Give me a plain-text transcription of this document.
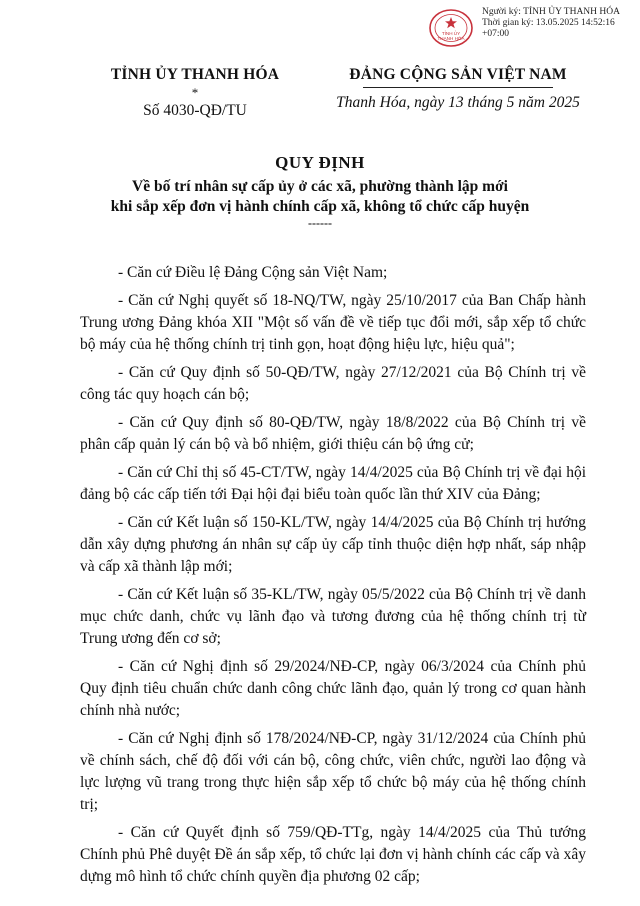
TỈNH ỦY
THANH HÓA
Người ký: TỈNH ỦY THANH HÓA
Thời gian ký: 13.05.2025 14:52:16 +07:00
TỈNH ỦY THANH HÓA
*
Số 4030-QĐ/TU
ĐẢNG CỘNG SẢN VIỆT NAM
Thanh Hóa, ngày 13 tháng 5 năm 2025
QUY ĐỊNH
Về bố trí nhân sự cấp ủy ở các xã, phường thành lập mới
khi sắp xếp đơn vị hành chính cấp xã, không tổ chức cấp huyện
------

- Căn cứ Điều lệ Đảng Cộng sản Việt Nam;

- Căn cứ Nghị quyết số 18-NQ/TW, ngày 25/10/2017 của Ban Chấp hành Trung ương Đảng khóa XII "Một số vấn đề về tiếp tục đổi mới, sắp xếp tổ chức bộ máy của hệ thống chính trị tinh gọn, hoạt động hiệu lực, hiệu quả";

- Căn cứ Quy định số 50-QĐ/TW, ngày 27/12/2021 của Bộ Chính trị về công tác quy hoạch cán bộ;

- Căn cứ Quy định số 80-QĐ/TW, ngày 18/8/2022 của Bộ Chính trị về phân cấp quản lý cán bộ và bổ nhiệm, giới thiệu cán bộ ứng cử;

- Căn cứ Chỉ thị số 45-CT/TW, ngày 14/4/2025 của Bộ Chính trị về đại hội đảng bộ các cấp tiến tới Đại hội đại biểu toàn quốc lần thứ XIV của Đảng;

- Căn cứ Kết luận số 150-KL/TW, ngày 14/4/2025 của Bộ Chính trị hướng dẫn xây dựng phương án nhân sự cấp ủy cấp tỉnh thuộc diện hợp nhất, sáp nhập và cấp xã thành lập mới;

- Căn cứ Kết luận số 35-KL/TW, ngày 05/5/2022 của Bộ Chính trị về danh mục chức danh, chức vụ lãnh đạo và tương đương của hệ thống chính trị từ Trung ương đến cơ sở;

- Căn cứ Nghị định số 29/2024/NĐ-CP, ngày 06/3/2024 của Chính phủ Quy định tiêu chuẩn chức danh công chức lãnh đạo, quản lý trong cơ quan hành chính nhà nước;

- Căn cứ Nghị định số 178/2024/NĐ-CP, ngày 31/12/2024 của Chính phủ về chính sách, chế độ đối với cán bộ, công chức, viên chức, người lao động và lực lượng vũ trang trong thực hiện sắp xếp tổ chức bộ máy của hệ thống chính trị;

- Căn cứ Quyết định số 759/QĐ-TTg, ngày 14/4/2025 của Thủ tướng Chính phủ Phê duyệt Đề án sắp xếp, tổ chức lại đơn vị hành chính các cấp và xây dựng mô hình tổ chức chính quyền địa phương 02 cấp;
